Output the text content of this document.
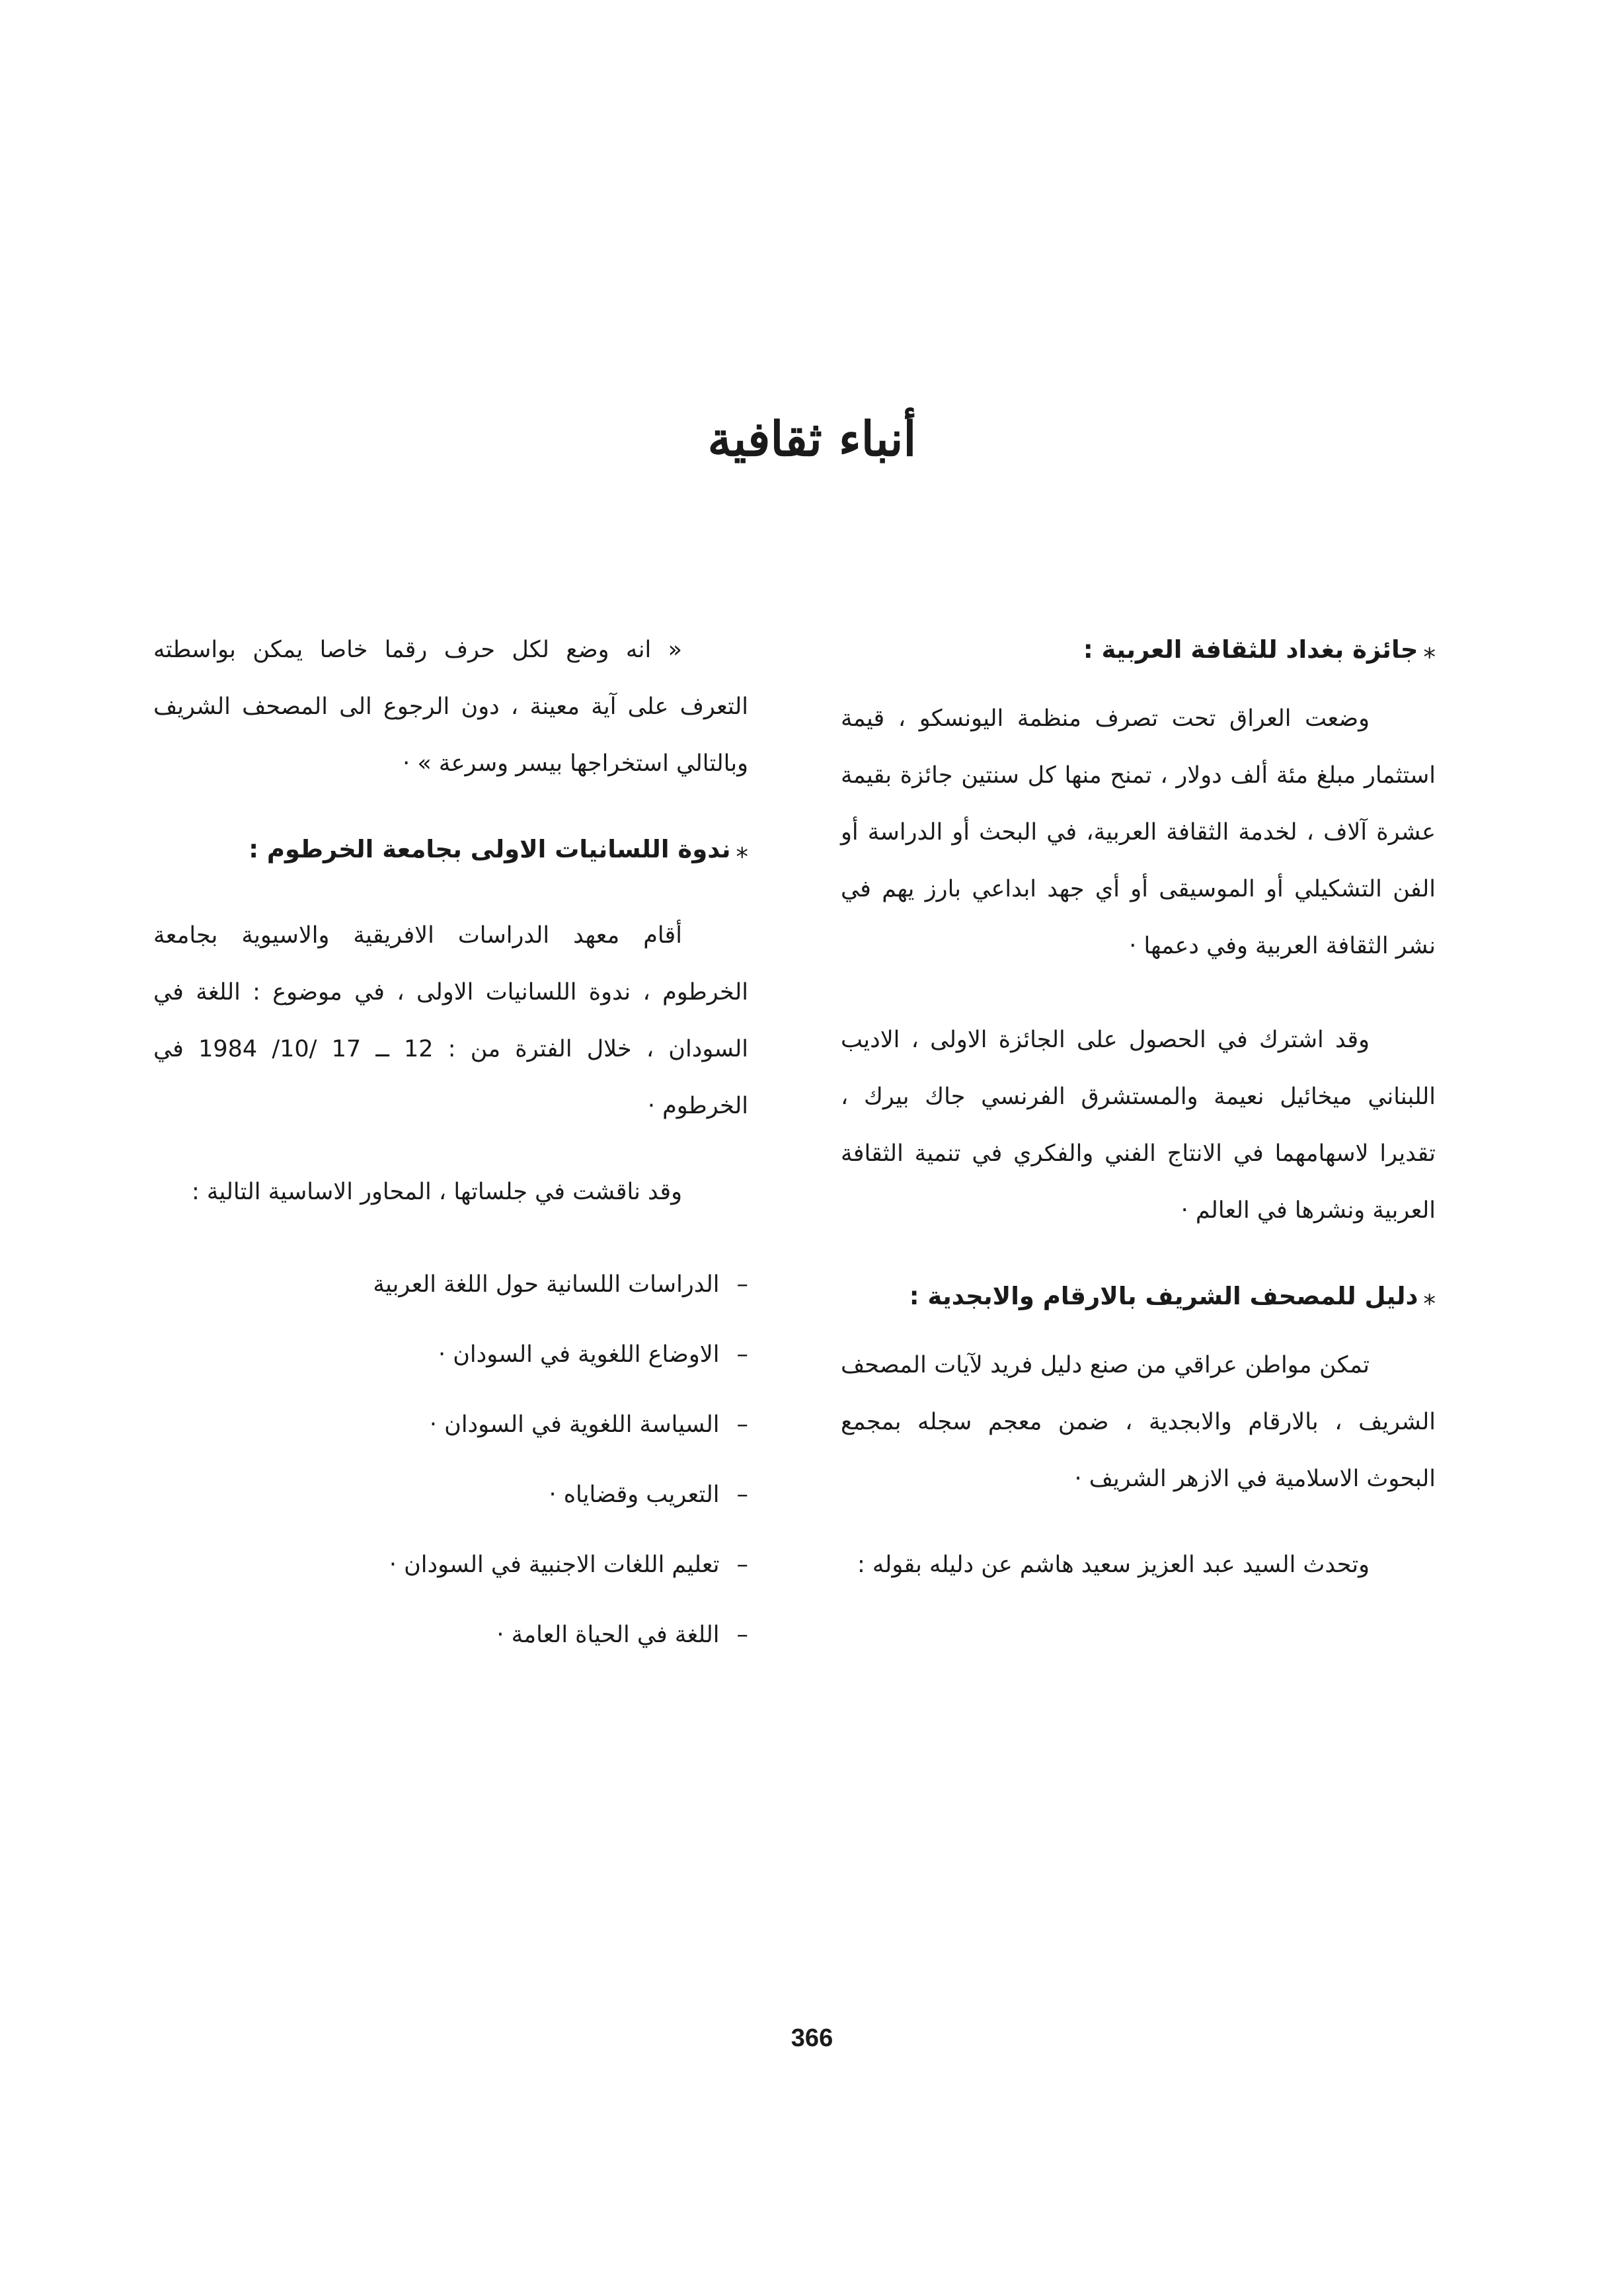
أنباء ثقافية

⁎جائزة بغداد للثقافة العربية :

وضعت العراق تحت تصرف منظمة اليونسكو ، قيمة استثمار مبلغ مئة ألف دولار ، تمنح منها كل سنتين جائزة بقيمة عشرة آلاف ، لخدمة الثقافة العربية، في البحث أو الدراسة أو الفن التشكيلي أو الموسيقى أو أي جهد ابداعي بارز يهم في نشر الثقافة العربية وفي دعمها ·

وقد اشترك في الحصول على الجائزة الاولى ، الاديب اللبناني ميخائيل نعيمة والمستشرق الفرنسي جاك بيرك ، تقديرا لاسهامهما في الانتاج الفني والفكري في تنمية الثقافة العربية ونشرها في العالم ·

⁎دليل للمصحف الشريف بالارقام والابجدية :

تمكن مواطن عراقي من صنع دليل فريد لآيات المصحف الشريف ، بالارقام والابجدية ، ضمن معجم سجله بمجمع البحوث الاسلامية في الازهر الشريف ·

وتحدث السيد عبد العزيز سعيد هاشم عن دليله بقوله :

« انه وضع لكل حرف رقما خاصا يمكن بواسطته التعرف على آية معينة ، دون الرجوع الى المصحف الشريف وبالتالي استخراجها بيسر وسرعة » ·

⁎ندوة اللسانيات الاولى بجامعة الخرطوم :

أقام معهد الدراسات الافريقية والاسيوية بجامعة الخرطوم ، ندوة اللسانيات الاولى ، في موضوع : اللغة في السودان ، خلال الفترة من : 12 ــ 17 /10/ 1984 في الخرطوم ·

وقد ناقشت في جلساتها ، المحاور الاساسية التالية :

– الدراسات اللسانية حول اللغة العربية
– الاوضاع اللغوية في السودان ·
– السياسة اللغوية في السودان ·
– التعريب وقضاياه ·
– تعليم اللغات الاجنبية في السودان ·
– اللغة في الحياة العامة ·
366
